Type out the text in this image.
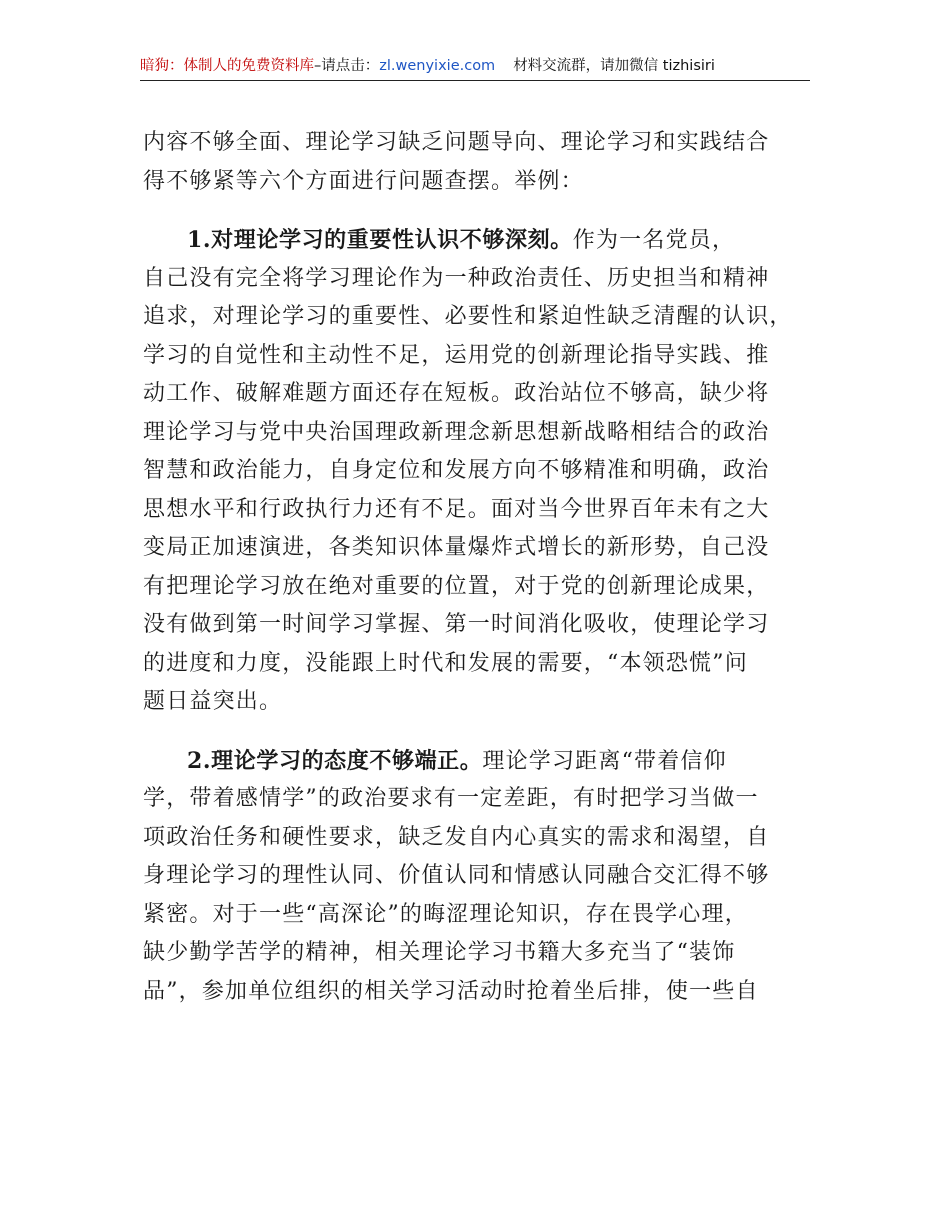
暗狗：体制人的免费资料库–请点击：zl.wenyixie.com 材料交流群，请加微信 tizhisiri
内容不够全面、理论学习缺乏问题导向、理论学习和实践结合
得不够紧等六个方面进行问题查摆。举例：
1.对理论学习的重要性认识不够深刻。作为一名党员，
自己没有完全将学习理论作为一种政治责任、历史担当和精神
追求，对理论学习的重要性、必要性和紧迫性缺乏清醒的认识，
学习的自觉性和主动性不足，运用党的创新理论指导实践、推
动工作、破解难题方面还存在短板。政治站位不够高，缺少将
理论学习与党中央治国理政新理念新思想新战略相结合的政治
智慧和政治能力，自身定位和发展方向不够精准和明确，政治
思想水平和行政执行力还有不足。面对当今世界百年未有之大
变局正加速演进，各类知识体量爆炸式增长的新形势，自己没
有把理论学习放在绝对重要的位置，对于党的创新理论成果，
没有做到第一时间学习掌握、第一时间消化吸收，使理论学习
的进度和力度，没能跟上时代和发展的需要，“本领恐慌”问
题日益突出。
2.理论学习的态度不够端正。理论学习距离“带着信仰
学，带着感情学”的政治要求有一定差距，有时把学习当做一
项政治任务和硬性要求，缺乏发自内心真实的需求和渴望，自
身理论学习的理性认同、价值认同和情感认同融合交汇得不够
紧密。对于一些“高深论”的晦涩理论知识，存在畏学心理，
缺少勤学苦学的精神，相关理论学习书籍大多充当了“装饰
品”，参加单位组织的相关学习活动时抢着坐后排，使一些自
